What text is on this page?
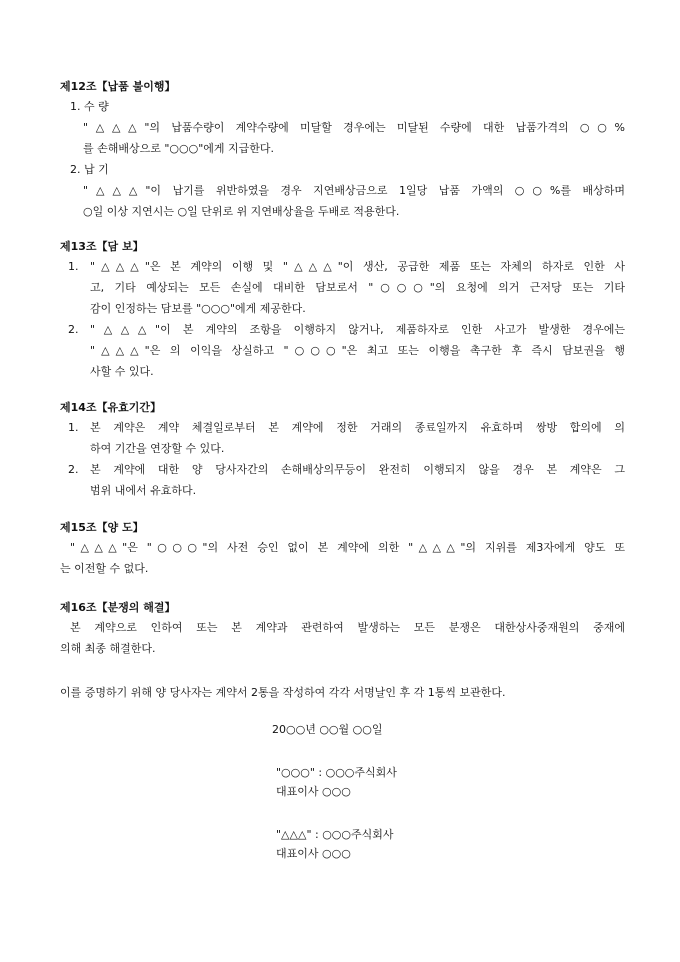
제12조【납품 불이행】
1. 수 량
"△△△"의 납품수량이 계약수량에 미달할 경우에는 미달된 수량에 대한 납품가격의 ○○%
를 손해배상으로 "○○○"에게 지급한다.
2. 납 기
"△△△"이 납기를 위반하였을 경우 지연배상금으로 1일당 납품 가액의 ○○%를 배상하며
○일 이상 지연시는 ○일 단위로 위 지연배상율을 두배로 적용한다.
제13조【담 보】
1.	"△△△"은 본 계약의 이행 및 "△△△"이 생산, 공급한 제품 또는 자체의 하자로 인한 사
고, 기타 예상되는 모든 손실에 대비한 담보로서 "○○○"의 요청에 의거 근저당 또는 기타
감이 인정하는 담보를 "○○○"에게 제공한다.
2.	"△△△"이 본 계약의 조항을 이행하지 않거나, 제품하자로 인한 사고가 발생한 경우에는
"△△△"은 의 이익을 상실하고 "○○○"은 최고 또는 이행을 촉구한 후 즉시 담보권을 행
사할 수 있다.
제14조【유효기간】
1.	본 계약은 계약 체결일로부터 본 계약에 정한 거래의 종료일까지 유효하며 쌍방 합의에 의
하여 기간을 연장할 수 있다.
2.	본 계약에 대한 양 당사자간의 손해배상의무등이 완전히 이행되지 않을 경우 본 계약은 그
범위 내에서 유효하다.
제15조【양 도】
"△△△"은 "○○○"의 사전 승인 없이 본 계약에 의한 "△△△"의 지위를 제3자에게 양도 또
는 이전할 수 없다.
제16조【분쟁의 해결】
본 계약으로 인하여 또는 본 계약과 관련하여 발생하는 모든 분쟁은 대한상사중재원의 중재에
의해 최종 해결한다.
이를 증명하기 위해 양 당사자는 계약서 2통을 작성하여 각각 서명날인 후 각 1통씩 보관한다.
20○○년 ○○월 ○○일
"○○○" : ○○○주식회사
대표이사 ○○○
"△△△" : ○○○주식회사
대표이사 ○○○
